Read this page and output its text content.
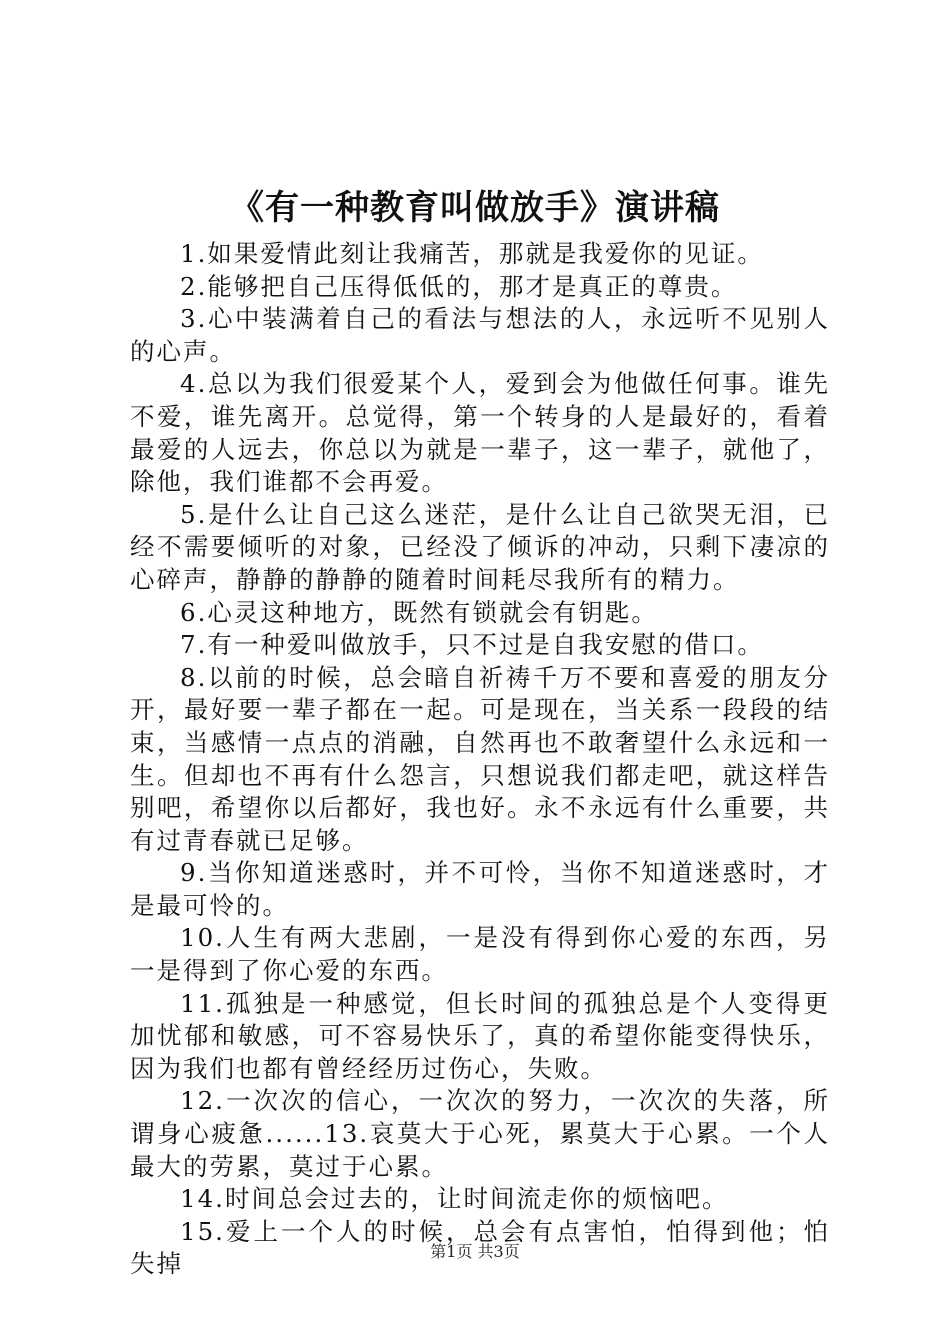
《有一种教育叫做放手》演讲稿

1.如果爱情此刻让我痛苦，那就是我爱你的见证。

2.能够把自己压得低低的，那才是真正的尊贵。

3.心中装满着自己的看法与想法的人，永远听不见别人的心声。

4.总以为我们很爱某个人，爱到会为他做任何事。谁先不爱，谁先离开。总觉得，第一个转身的人是最好的，看着最爱的人远去，你总以为就是一辈子，这一辈子，就他了，除他，我们谁都不会再爱。

5.是什么让自己这么迷茫，是什么让自己欲哭无泪，已经不需要倾听的对象，已经没了倾诉的冲动，只剩下凄凉的心碎声，静静的静静的随着时间耗尽我所有的精力。

6.心灵这种地方，既然有锁就会有钥匙。

7.有一种爱叫做放手，只不过是自我安慰的借口。

8.以前的时候，总会暗自祈祷千万不要和喜爱的朋友分开，最好要一辈子都在一起。可是现在，当关系一段段的结束，当感情一点点的消融，自然再也不敢奢望什么永远和一生。但却也不再有什么怨言，只想说我们都走吧，就这样告别吧，希望你以后都好，我也好。永不永远有什么重要，共有过青春就已足够。

9.当你知道迷惑时，并不可怜，当你不知道迷惑时，才是最可怜的。

10.人生有两大悲剧，一是没有得到你心爱的东西，另一是得到了你心爱的东西。

11.孤独是一种感觉，但长时间的孤独总是个人变得更加忧郁和敏感，可不容易快乐了，真的希望你能变得快乐，因为我们也都有曾经经历过伤心，失败。

12.一次次的信心，一次次的努力，一次次的失落，所谓身心疲惫......13.哀莫大于心死，累莫大于心累。一个人最大的劳累，莫过于心累。

14.时间总会过去的，让时间流走你的烦恼吧。

15.爱上一个人的时候，总会有点害怕，怕得到他；怕失掉	第1页 共3页
